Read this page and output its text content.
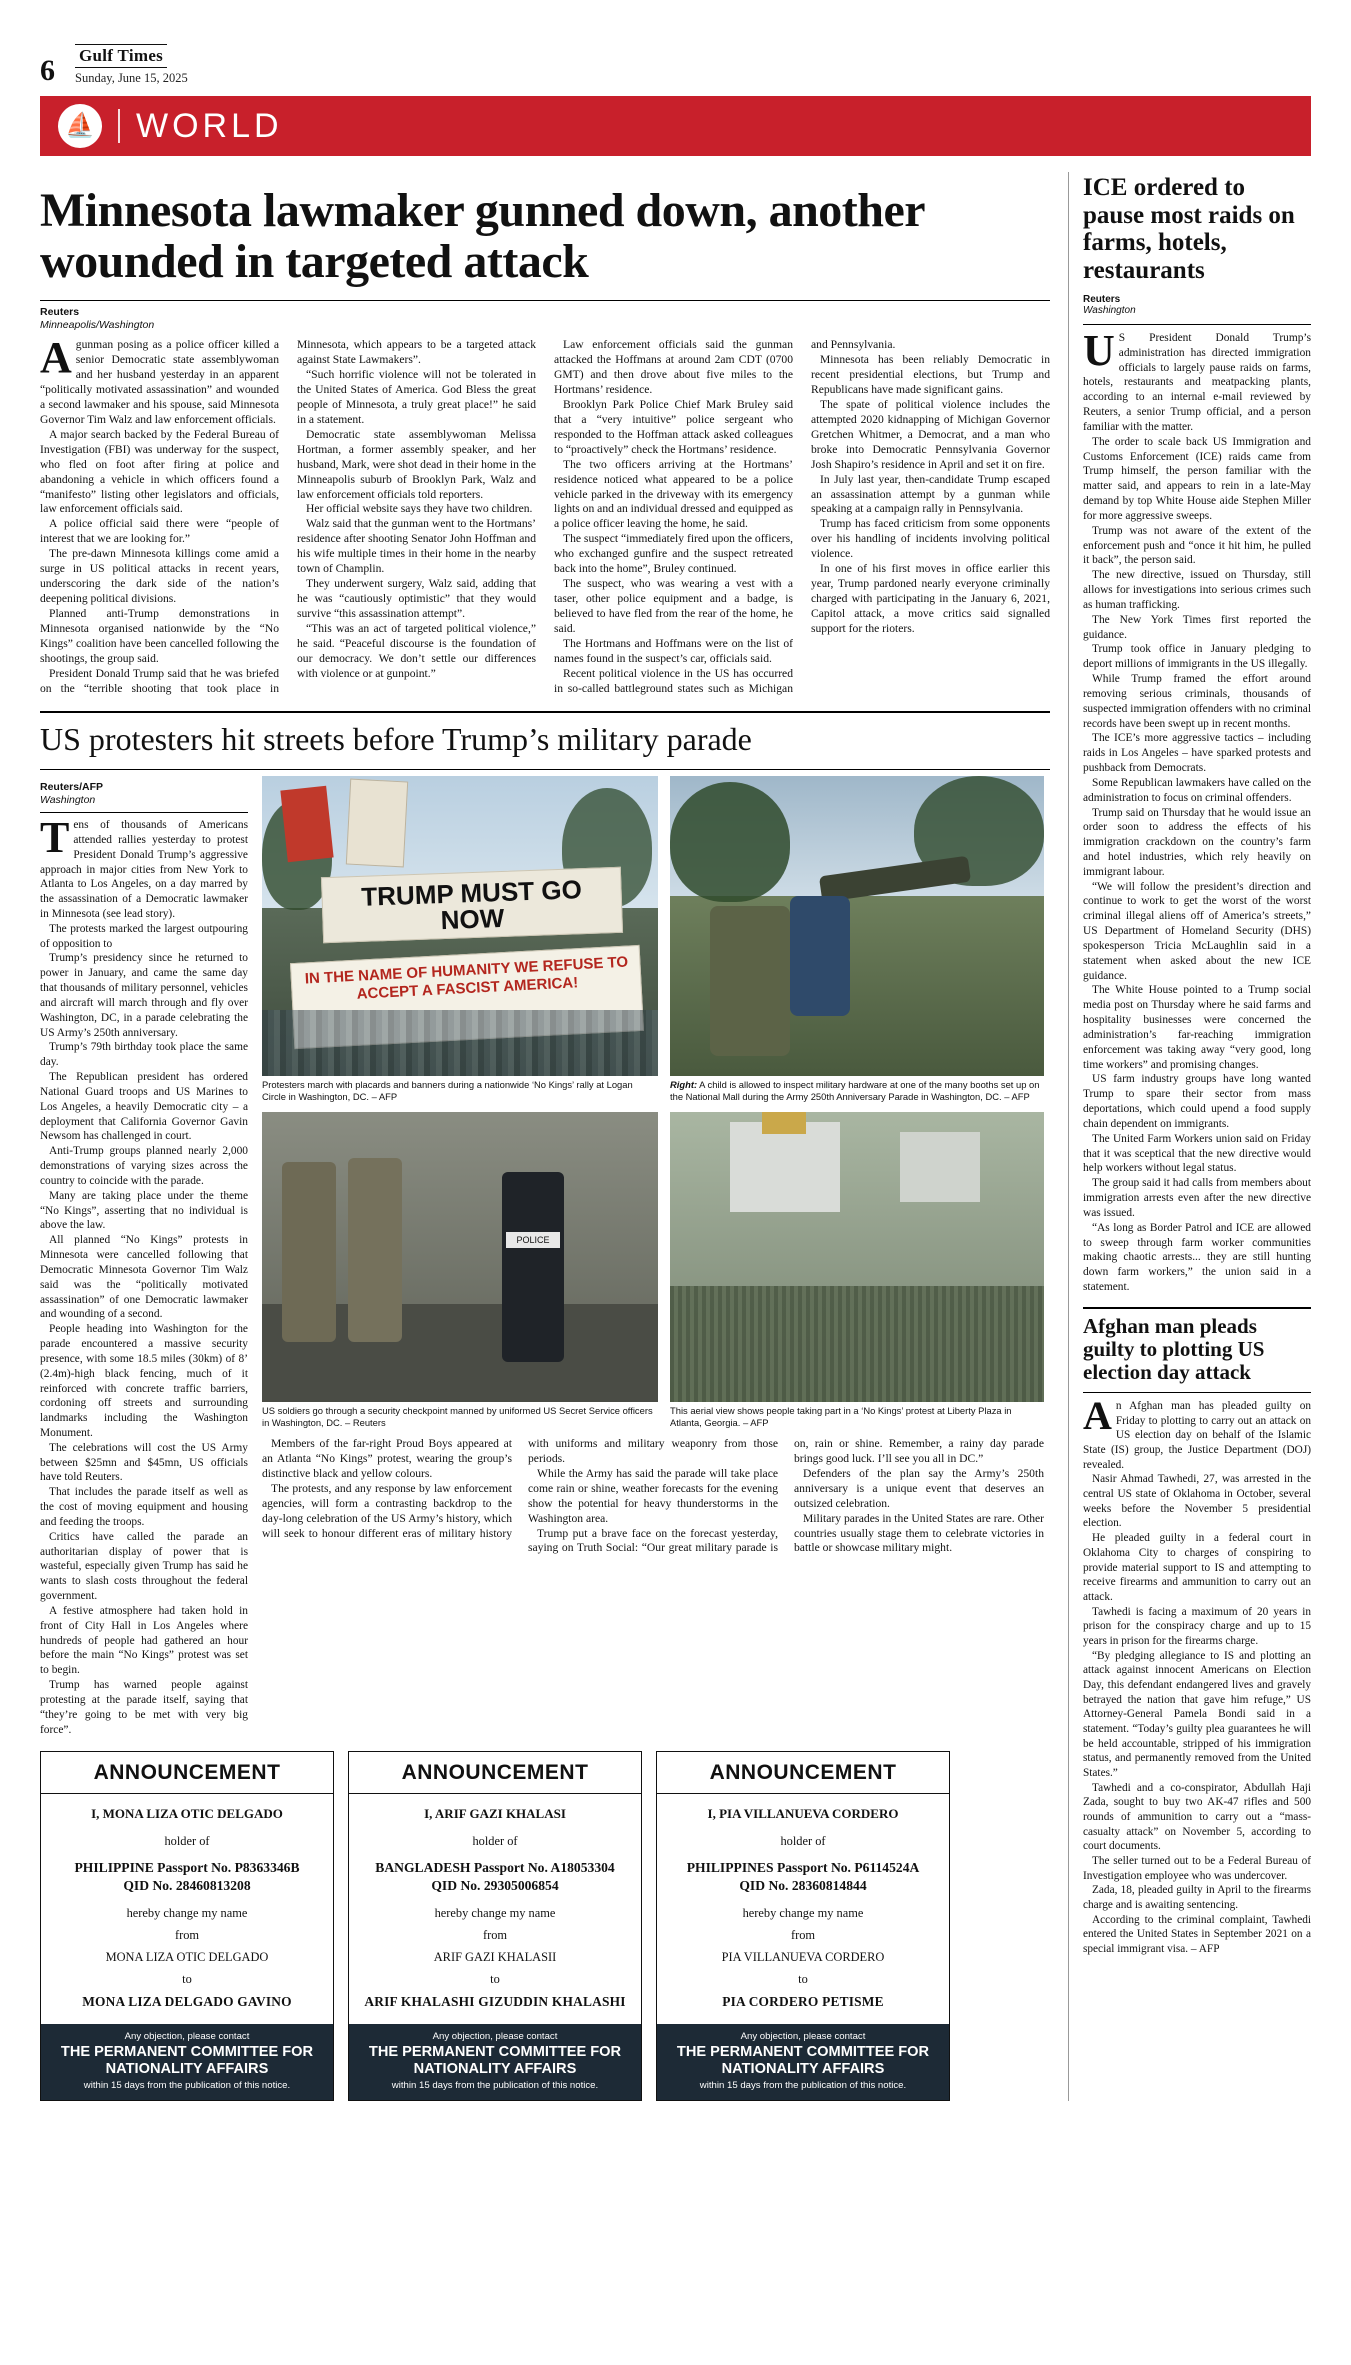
6	Gulf Times
Sunday, June 15, 2025
⛵ WORLD
Minnesota lawmaker gunned down, another wounded in targeted attack
Reuters
Minneapolis/Washington

Agunman posing as a police officer killed a senior Democratic state assemblywoman and her husband yesterday in an apparent “politically motivated assassination” and wounded a second lawmaker and his spouse, said Minnesota Governor Tim Walz and law enforcement officials.

A major search backed by the Federal Bureau of Investigation (FBI) was underway for the suspect, who fled on foot after firing at police and abandoning a vehicle in which officers found a “manifesto” listing other legislators and officials, law enforcement officials said.

A police official said there were “people of interest that we are looking for.”

The pre-dawn Minnesota killings come amid a surge in US political attacks in recent years, underscoring the dark side of the nation’s deepening political divisions.

Planned anti-Trump demonstrations in Minnesota organised nationwide by the “No Kings” coalition have been cancelled following the shootings, the group said.

President Donald Trump said that he was briefed on the “terrible shooting that took place in Minnesota, which appears to be a targeted attack against State Lawmakers”.

“Such horrific violence will not be tolerated in the United States of America. God Bless the great people of Minnesota, a truly great place!” he said in a statement.

Democratic state assemblywoman Melissa Hortman, a former assembly speaker, and her husband, Mark, were shot dead in their home in the Minneapolis suburb of Brooklyn Park, Walz and law enforcement officials told reporters.

Her official website says they have two children.

Walz said that the gunman went to the Hortmans’ residence after shooting Senator John Hoffman and his wife multiple times in their home in the nearby town of Champlin.

They underwent surgery, Walz said, adding that he was “cautiously optimistic” that they would survive “this assassination attempt”.

“This was an act of targeted political violence,” he said. “Peaceful discourse is the foundation of our democracy. We don’t settle our differences with violence or at gunpoint.”

Law enforcement officials said the gunman attacked the Hoffmans at around 2am CDT (0700 GMT) and then drove about five miles to the Hortmans’ residence.

Brooklyn Park Police Chief Mark Bruley said that a “very intuitive” police sergeant who responded to the Hoffman attack asked colleagues to “proactively” check the Hortmans’ residence.

The two officers arriving at the Hortmans’ residence noticed what appeared to be a police vehicle parked in the driveway with its emergency lights on and an individual dressed and equipped as a police officer leaving the home, he said.

The suspect “immediately fired upon the officers, who exchanged gunfire and the suspect retreated back into the home”, Bruley continued.

The suspect, who was wearing a vest with a taser, other police equipment and a badge, is believed to have fled from the rear of the home, he said.

The Hortmans and Hoffmans were on the list of names found in the suspect’s car, officials said.

Recent political violence in the US has occurred in so-called battleground states such as Michigan and Pennsylvania.

Minnesota has been reliably Democratic in recent presidential elections, but Trump and Republicans have made significant gains.

The spate of political violence includes the attempted 2020 kidnapping of Michigan Governor Gretchen Whitmer, a Democrat, and a man who broke into Democratic Pennsylvania Governor Josh Shapiro’s residence in April and set it on fire.

In July last year, then-candidate Trump escaped an assassination attempt by a gunman while speaking at a campaign rally in Pennsylvania.

Trump has faced criticism from some opponents over his handling of incidents involving political violence.

In one of his first moves in office earlier this year, Trump pardoned nearly everyone criminally charged with participating in the January 6, 2021, Capitol attack, a move critics said signalled support for the rioters.

US protesters hit streets before Trump’s military parade
Reuters/AFP
Washington

Tens of thousands of Americans attended rallies yesterday to protest President Donald Trump’s aggressive approach in major cities from New York to Atlanta to Los Angeles, on a day marred by the assassination of a Democratic lawmaker in Minnesota (see lead story).

The protests marked the largest outpouring of opposition to

Trump’s presidency since he returned to power in January, and came the same day that thousands of military personnel, vehicles and aircraft will march through and fly over Washington, DC, in a parade celebrating the US Army’s 250th anniversary.

Trump’s 79th birthday took place the same day.

The Republican president has ordered National Guard troops and US Marines to Los Angeles, a heavily Democratic city – a deployment that California Governor Gavin Newsom has challenged in court.

Anti-Trump groups planned nearly 2,000 demonstrations of varying sizes across the country to coincide with the parade.

Many are taking place under the theme “No Kings”, asserting that no individual is above the law.

All planned “No Kings” protests in Minnesota were cancelled following that Democratic Minnesota Governor Tim Walz said was the “politically motivated assassination” of one Democratic lawmaker and wounding of a second.

People heading into Washington for the parade encountered a massive security presence, with some 18.5 miles (30km) of 8’ (2.4m)-high black fencing, much of it reinforced with concrete traffic barriers, cordoning off streets and surrounding landmarks including the Washington Monument.

The celebrations will cost the US Army between $25mn and $45mn, US officials have told Reuters.

That includes the parade itself as well as the cost of moving equipment and housing and feeding the troops.

Critics have called the parade an authoritarian display of power that is wasteful, especially given Trump has said he wants to slash costs throughout the federal government.

A festive atmosphere had taken hold in front of City Hall in Los Angeles where hundreds of people had gathered an hour before the main “No Kings” protest was set to begin.

Trump has warned people against protesting at the parade itself, saying that “they’re going to be met with very big force”.

TRUMP MUST GO NOW
IN THE NAME OF HUMANITY WE REFUSE TO ACCEPT A FASCIST AMERICA!
Protesters march with placards and banners during a nationwide ‘No Kings’ rally at Logan Circle in Washington, DC. – AFP
Right: A child is allowed to inspect military hardware at one of the many booths set up on the National Mall during the Army 250th Anniversary Parade in Washington, DC. – AFP
POLICE
US soldiers go through a security checkpoint manned by uniformed US Secret Service officers in Washington, DC. – Reuters
This aerial view shows people taking part in a ‘No Kings’ protest at Liberty Plaza in Atlanta, Georgia. – AFP

Members of the far-right Proud Boys appeared at an Atlanta “No Kings” protest, wearing the group’s distinctive black and yellow colours.

The protests, and any response by law enforcement agencies, will form a contrasting backdrop to the day-long celebration of the US Army’s history, which will seek to honour different eras of military history with uniforms and military weaponry from those periods.

While the Army has said the parade will take place come rain or shine, weather forecasts for the evening show the potential for heavy thunderstorms in the Washington area.

Trump put a brave face on the forecast yesterday, saying on Truth Social: “Our great military parade is on, rain or shine. Remember, a rainy day parade brings good luck. I’ll see you all in DC.”

Defenders of the plan say the Army’s 250th anniversary is a unique event that deserves an outsized celebration.

Military parades in the United States are rare. Other countries usually stage them to celebrate victories in battle or showcase military might.

ANNOUNCEMENT
I, MONA LIZA OTIC DELGADO
holder of
PHILIPPINE Passport No. P8363346B
QID No. 28460813208
hereby change my name
from
MONA LIZA OTIC DELGADO
to
MONA LIZA DELGADO GAVINO
Any objection, please contact
THE PERMANENT COMMITTEE FOR NATIONALITY AFFAIRS
within 15 days from the publication of this notice.
ANNOUNCEMENT
I, ARIF GAZI KHALASI
holder of
BANGLADESH Passport No. A18053304
QID No. 29305006854
hereby change my name
from
ARIF GAZI KHALASII
to
ARIF KHALASHI GIZUDDIN KHALASHI
Any objection, please contact
THE PERMANENT COMMITTEE FOR NATIONALITY AFFAIRS
within 15 days from the publication of this notice.
ANNOUNCEMENT
I, PIA VILLANUEVA CORDERO
holder of
PHILIPPINES Passport No. P6114524A
QID No. 28360814844
hereby change my name
from
PIA VILLANUEVA CORDERO
to
PIA CORDERO PETISME
Any objection, please contact
THE PERMANENT COMMITTEE FOR NATIONALITY AFFAIRS
within 15 days from the publication of this notice.
ICE ordered to pause most raids on farms, hotels, restaurants
Reuters
Washington

US President Donald Trump’s administration has directed immigration officials to largely pause raids on farms, hotels, restaurants and meatpacking plants, according to an internal e-mail reviewed by Reuters, a senior Trump official, and a person familiar with the matter.

The order to scale back US Immigration and Customs Enforcement (ICE) raids came from Trump himself, the person familiar with the matter said, and appears to rein in a late-May demand by top White House aide Stephen Miller for more aggressive sweeps.

Trump was not aware of the extent of the enforcement push and “once it hit him, he pulled it back”, the person said.

The new directive, issued on Thursday, still allows for investigations into serious crimes such as human trafficking.

The New York Times first reported the guidance.

Trump took office in January pledging to deport millions of immigrants in the US illegally.

While Trump framed the effort around removing serious criminals, thousands of suspected immigration offenders with no criminal records have been swept up in recent months.

The ICE’s more aggressive tactics – including raids in Los Angeles – have sparked protests and pushback from Democrats.

Some Republican lawmakers have called on the administration to focus on criminal offenders.

Trump said on Thursday that he would issue an order soon to address the effects of his immigration crackdown on the country’s farm and hotel industries, which rely heavily on immigrant labour.

“We will follow the president’s direction and continue to work to get the worst of the worst criminal illegal aliens off of America’s streets,” US Department of Homeland Security (DHS) spokesperson Tricia McLaughlin said in a statement when asked about the new ICE guidance.

The White House pointed to a Trump social media post on Thursday where he said farms and hospitality businesses were concerned the administration’s far-reaching immigration enforcement was taking away “very good, long time workers” and promising changes.

US farm industry groups have long wanted Trump to spare their sector from mass deportations, which could upend a food supply chain dependent on immigrants.

The United Farm Workers union said on Friday that it was sceptical that the new directive would help workers without legal status.

The group said it had calls from members about immigration arrests even after the new directive was issued.

“As long as Border Patrol and ICE are allowed to sweep through farm worker communities making chaotic arrests... they are still hunting down farm workers,” the union said in a statement.

Afghan man pleads guilty to plotting US election day attack

An Afghan man has pleaded guilty on Friday to plotting to carry out an attack on US election day on behalf of the Islamic State (IS) group, the Justice Department (DOJ) revealed.

Nasir Ahmad Tawhedi, 27, was arrested in the central US state of Oklahoma in October, several weeks before the November 5 presidential election.

He pleaded guilty in a federal court in Oklahoma City to charges of conspiring to provide material support to IS and attempting to receive firearms and ammunition to carry out an attack.

Tawhedi is facing a maximum of 20 years in prison for the conspiracy charge and up to 15 years in prison for the firearms charge.

“By pledging allegiance to IS and plotting an attack against innocent Americans on Election Day, this defendant endangered lives and gravely betrayed the nation that gave him refuge,” US Attorney-General Pamela Bondi said in a statement. “Today’s guilty plea guarantees he will be held accountable, stripped of his immigration status, and permanently removed from the United States.”

Tawhedi and a co-conspirator, Abdullah Haji Zada, sought to buy two AK-47 rifles and 500 rounds of ammunition to carry out a “mass-casualty attack” on November 5, according to court documents.

The seller turned out to be a Federal Bureau of Investigation employee who was undercover.

Zada, 18, pleaded guilty in April to the firearms charge and is awaiting sentencing.

According to the criminal complaint, Tawhedi entered the United States in September 2021 on a special immigrant visa. – AFP
